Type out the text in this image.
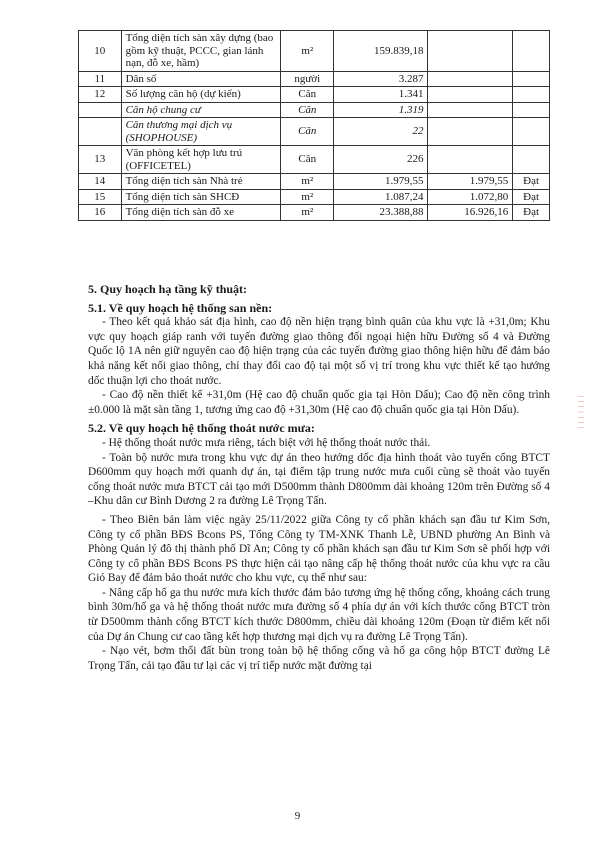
10	Tổng diện tích sàn xây dựng (bao gồm kỹ thuật, PCCC, gian lánh nạn, đỗ xe, hầm)	m²	159.839,18		
11	Dân số	người	3.287		
12	Số lượng căn hộ (dự kiến)	Căn	1.341		
	Căn hộ chung cư	Căn	1.319		
	Căn thương mại dịch vụ (SHOPHOUSE)	Căn	22		
13	Văn phòng kết hợp lưu trú (OFFICETEL)	Căn	226		
14	Tổng diện tích sàn Nhà trẻ	m²	1.979,55	1.979,55	Đạt
15	Tổng diện tích sàn SHCĐ	m²	1.087,24	1.072,80	Đạt
16	Tổng diện tích sàn đỗ xe	m²	23.388,88	16.926,16	Đạt

5. Quy hoạch hạ tầng kỹ thuật:

5.1. Về quy hoạch hệ thống san nền:

- Theo kết quả khảo sát địa hình, cao độ nền hiện trạng bình quân của khu vực là +31,0m; Khu vực quy hoạch giáp ranh với tuyến đường giao thông đối ngoại hiện hữu Đường số 4 và Đường Quốc lộ 1A nên giữ nguyên cao độ hiện trạng của các tuyến đường giao thông hiện hữu để đảm bảo khả năng kết nối giao thông, chỉ thay đổi cao độ tại một số vị trí trong khu vực thiết kế tạo hướng dốc thuận lợi cho thoát nước.

- Cao độ nền thiết kế +31,0m (Hệ cao độ chuẩn quốc gia tại Hòn Dấu); Cao độ nền công trình ±0.000 là mặt sàn tầng 1, tương ứng cao độ +31,30m (Hệ cao độ chuẩn quốc gia tại Hòn Dấu).

5.2. Về quy hoạch hệ thống thoát nước mưa:

- Hệ thống thoát nước mưa riêng, tách biệt với hệ thống thoát nước thải.

- Toàn bộ nước mưa trong khu vực dự án theo hướng dốc địa hình thoát vào tuyến cống BTCT D600mm quy hoạch mới quanh dự án, tại điểm tập trung nước mưa cuối cùng sẽ thoát vào tuyến cống thoát nước mưa BTCT cải tạo mới D500mm thành D800mm dài khoảng 120m trên Đường số 4 –Khu dân cư Bình Dương 2 ra đường Lê Trọng Tấn.

- Theo Biên bản làm việc ngày 25/11/2022 giữa Công ty cổ phần khách sạn đầu tư Kim Sơn, Công ty cổ phần BĐS Bcons PS, Tổng Công ty TM-XNK Thanh Lễ, UBND phường An Bình và Phòng Quản lý đô thị thành phố Dĩ An; Công ty cổ phần khách sạn đầu tư Kim Sơn sẽ phối hợp với Công ty cổ phần BĐS Bcons PS thực hiện cải tạo nâng cấp hệ thống thoát nước của khu vực ra cầu Gió Bay để đảm bảo thoát nước cho khu vực, cụ thể như sau:

- Nâng cấp hố ga thu nước mưa kích thước đảm bảo tương ứng hệ thống cống, khoảng cách trung bình 30m/hố ga và hệ thống thoát nước mưa đường số 4 phía dự án với kích thước cống BTCT tròn từ D500mm thành cống BTCT kích thước D800mm, chiều dài khoảng 120m (Đoạn từ điểm kết nối của Dự án Chung cư cao tầng kết hợp thương mại dịch vụ ra đường Lê Trọng Tấn).

- Nạo vét, bơm thổi đất bùn trong toàn bộ hệ thống cống và hố ga công hộp BTCT đường Lê Trọng Tấn, cải tạo đầu tư lại các vị trí tiếp nước mặt đường tại

│││││││
9
